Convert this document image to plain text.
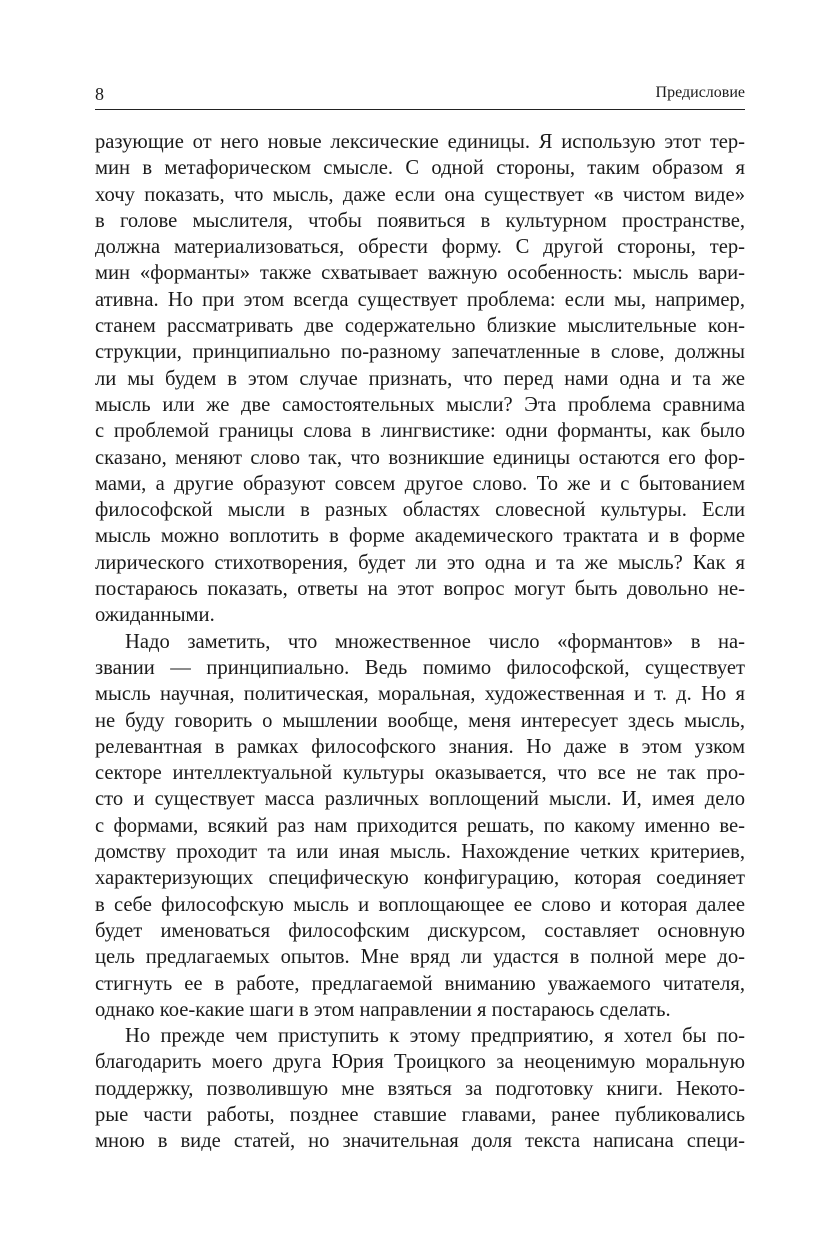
8	Предисловие
разующие от него новые лексические единицы. Я использую этот тер-
мин в метафорическом смысле. С одной стороны, таким образом я
хочу показать, что мысль, даже если она существует «в чистом виде»
в голове мыслителя, чтобы появиться в культурном пространстве,
должна материализоваться, обрести форму. С другой стороны, тер-
мин «форманты» также схватывает важную особенность: мысль вари-
ативна. Но при этом всегда существует проблема: если мы, например,
станем рассматривать две содержательно близкие мыслительные кон-
струкции, принципиально по-разному запечатленные в слове, должны
ли мы будем в этом случае признать, что перед нами одна и та же
мысль или же две самостоятельных мысли? Эта проблема сравнима
с проблемой границы слова в лингвистике: одни форманты, как было
сказано, меняют слово так, что возникшие единицы остаются его фор-
мами, а другие образуют совсем другое слово. То же и с бытованием
философской мысли в разных областях словесной культуры. Если
мысль можно воплотить в форме академического трактата и в форме
лирического стихотворения, будет ли это одна и та же мысль? Как я
постараюсь показать, ответы на этот вопрос могут быть довольно не-
ожиданными.
Надо заметить, что множественное число «формантов» в на-
звании — принципиально. Ведь помимо философской, существует
мысль научная, политическая, моральная, художественная и т. д. Но я
не буду говорить о мышлении вообще, меня интересует здесь мысль,
релевантная в рамках философского знания. Но даже в этом узком
секторе интеллектуальной культуры оказывается, что все не так про-
сто и существует масса различных воплощений мысли. И, имея дело
с формами, всякий раз нам приходится решать, по какому именно ве-
домству проходит та или иная мысль. Нахождение четких критериев,
характеризующих специфическую конфигурацию, которая соединяет
в себе философскую мысль и воплощающее ее слово и которая далее
будет именоваться философским дискурсом, составляет основную
цель предлагаемых опытов. Мне вряд ли удастся в полной мере до-
стигнуть ее в работе, предлагаемой вниманию уважаемого читателя,
однако кое-какие шаги в этом направлении я постараюсь сделать.
Но прежде чем приступить к этому предприятию, я хотел бы по-
благодарить моего друга Юрия Троицкого за неоценимую моральную
поддержку, позволившую мне взяться за подготовку книги. Некото-
рые части работы, позднее ставшие главами, ранее публиковались
мною в виде статей, но значительная доля текста написана специ-
